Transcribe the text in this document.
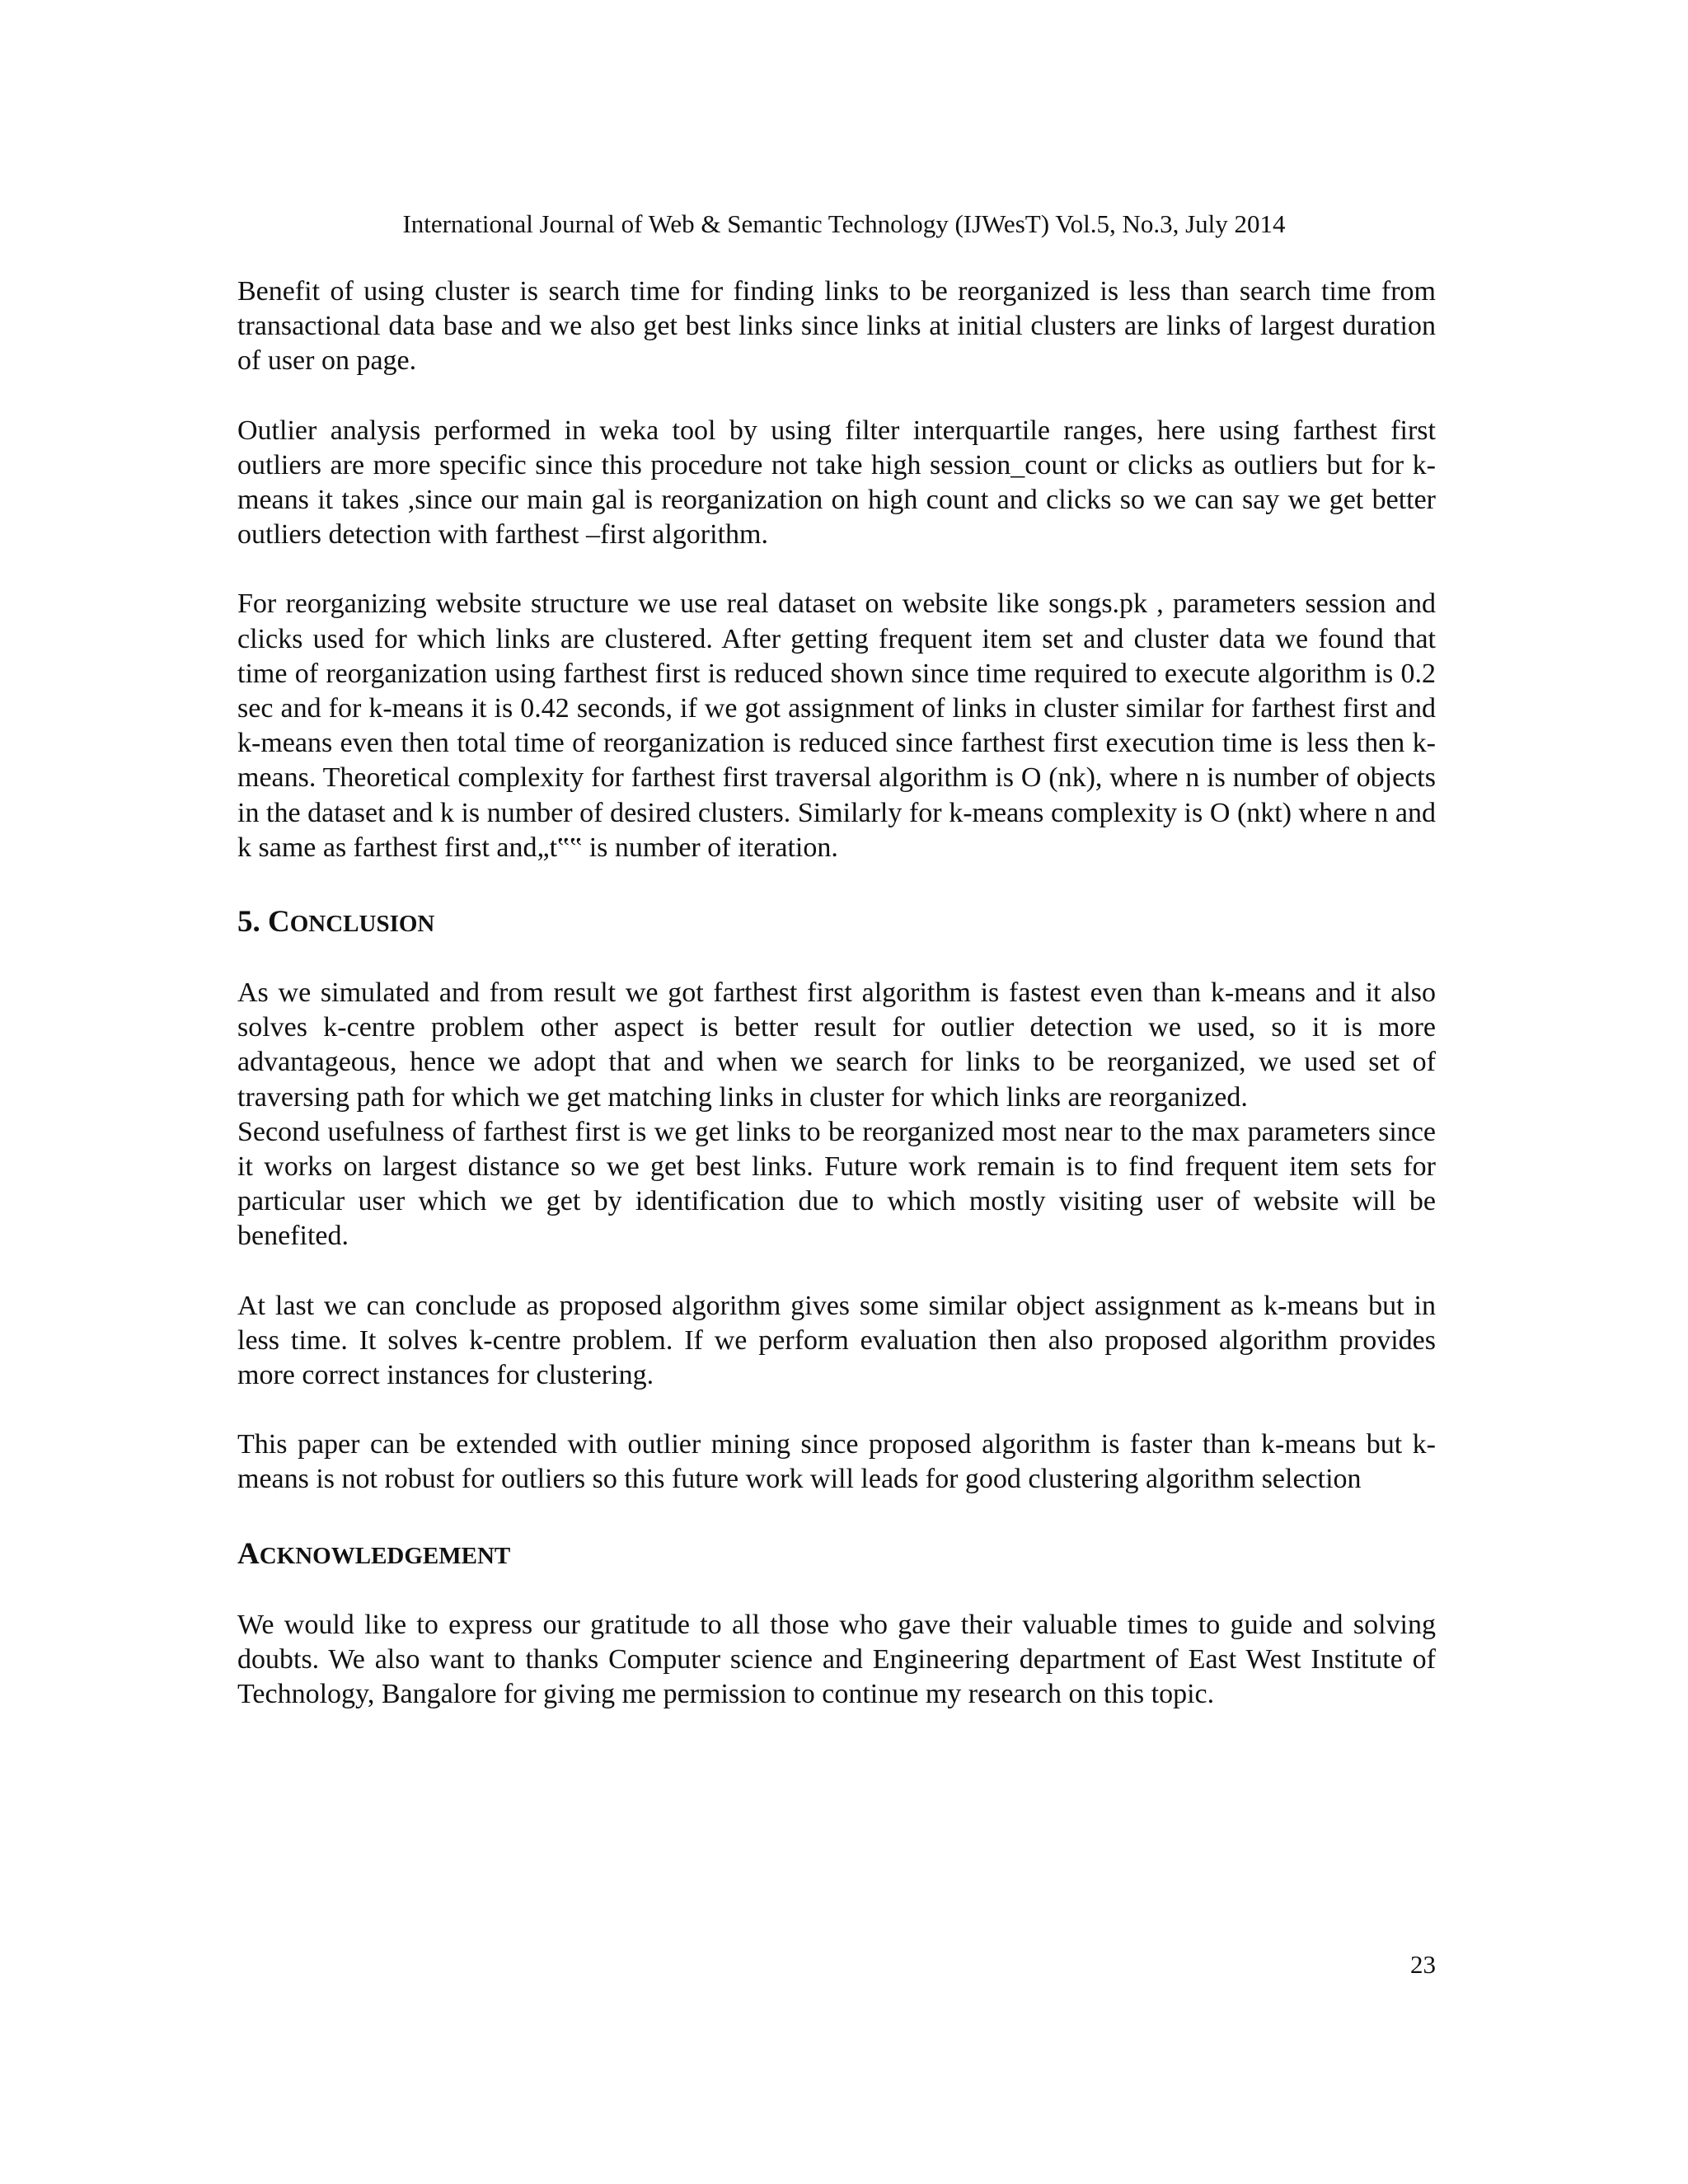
International Journal of Web & Semantic Technology (IJWesT) Vol.5, No.3, July 2014

Benefit of using cluster is search time for finding links to be reorganized is less than search time from transactional data base and we also get best links since links at initial clusters are links of largest duration of user on page.

Outlier analysis performed in weka tool by using filter interquartile ranges, here using farthest first outliers are more specific since this procedure not take high session_count or clicks as outliers but for k-means it takes ,since our main gal is reorganization on high count and clicks so we can say we get better outliers detection with farthest –first algorithm.

For reorganizing website structure we use real dataset on website like songs.pk , parameters session and clicks used for which links are clustered. After getting frequent item set and cluster data we found that time of reorganization using farthest first is reduced shown since time required to execute algorithm is 0.2 sec and for k-means it is 0.42 seconds, if we got assignment of links in cluster similar for farthest first and k-means even then total time of reorganization is reduced since farthest first execution time is less then k-means. Theoretical complexity for farthest first traversal algorithm is O (nk), where n is number of objects in the dataset and k is number of desired clusters. Similarly for k-means complexity is O (nkt) where n and k same as farthest first and„t‟‟ is number of iteration.

5. CONCLUSION

As we simulated and from result we got farthest first algorithm is fastest even than k-means and it also solves k-centre problem other aspect is better result for outlier detection we used, so it is more advantageous, hence we adopt that and when we search for links to be reorganized, we used set of traversing path for which we get matching links in cluster for which links are reorganized.

Second usefulness of farthest first is we get links to be reorganized most near to the max parameters since it works on largest distance so we get best links. Future work remain is to find frequent item sets for particular user which we get by identification due to which mostly visiting user of website will be benefited.

At last we can conclude as proposed algorithm gives some similar object assignment as k-means but in less time. It solves k-centre problem. If we perform evaluation then also proposed algorithm provides more correct instances for clustering.

This paper can be extended with outlier mining since proposed algorithm is faster than k-means but k-means is not robust for outliers so this future work will leads for good clustering algorithm selection

ACKNOWLEDGEMENT

We would like to express our gratitude to all those who gave their valuable times to guide and solving doubts. We also want to thanks Computer science and Engineering department of East West Institute of Technology, Bangalore for giving me permission to continue my research on this topic.

23
